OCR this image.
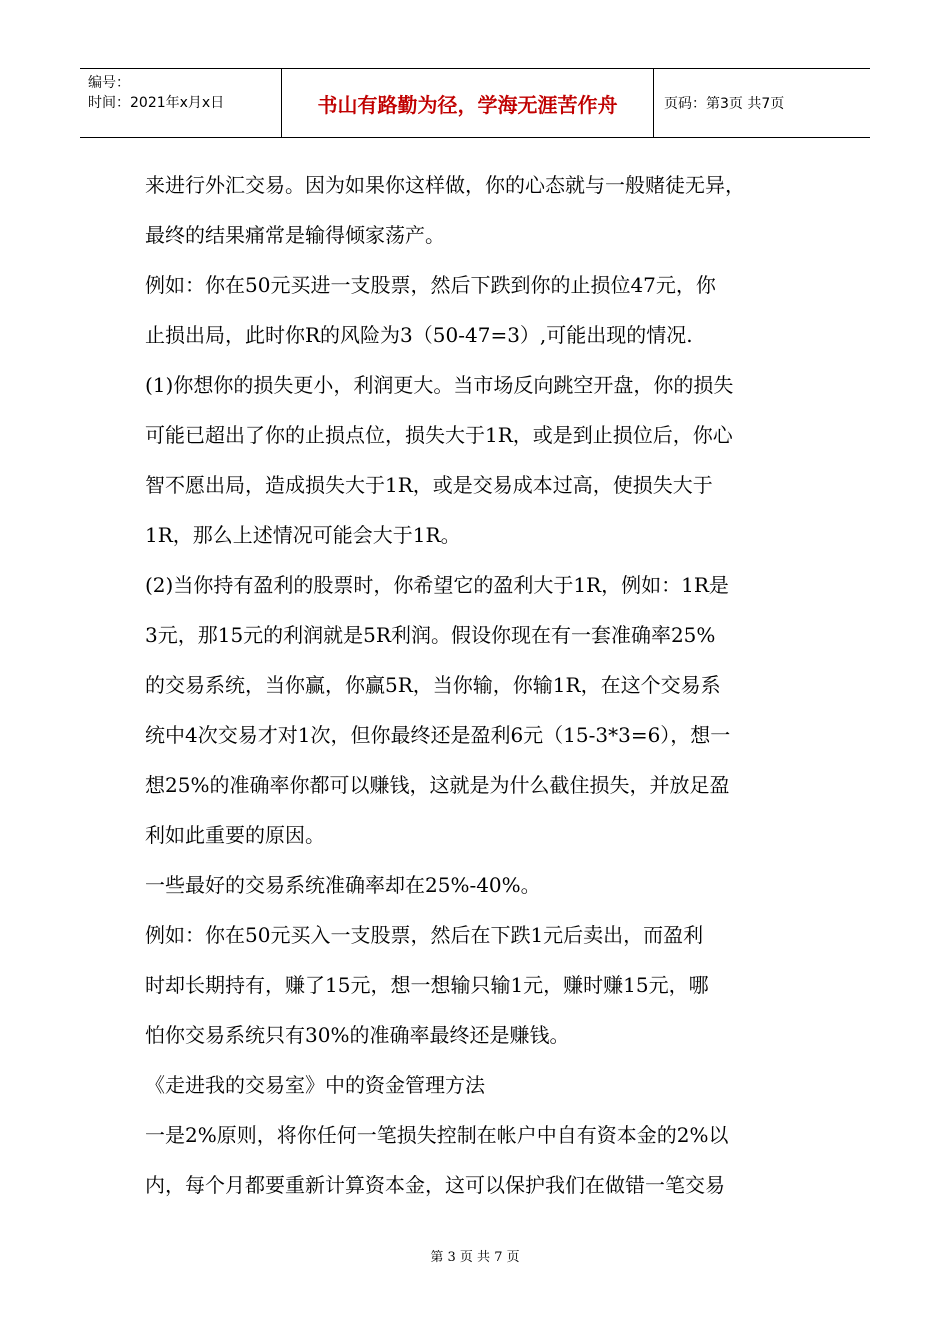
编号：
时间：2021年x月x日	书山有路勤为径，学海无涯苦作舟	页码：第3页 共7页

来进行外汇交易。因为如果你这样做，你的心态就与一般赌徒无异，

最终的结果痛常是输得倾家荡产。

例如：你在50元买进一支股票，然后下跌到你的止损位47元，你

止损出局，此时你R的风险为3（50-47=3）,可能出现的情况.

(1)你想你的损失更小，利润更大。当市场反向跳空开盘，你的损失

可能已超出了你的止损点位，损失大于1R，或是到止损位后，你心

智不愿出局，造成损失大于1R，或是交易成本过高，使损失大于

1R，那么上述情况可能会大于1R。

(2)当你持有盈利的股票时，你希望它的盈利大于1R，例如：1R是

3元，那15元的利润就是5R利润。假设你现在有一套准确率25%

的交易系统，当你赢，你赢5R，当你输，你输1R，在这个交易系

统中4次交易才对1次，但你最终还是盈利6元（15-3*3=6），想一

想25%的准确率你都可以赚钱，这就是为什么截住损失，并放足盈

利如此重要的原因。

一些最好的交易系统准确率却在25%-40%。

例如：你在50元买入一支股票，然后在下跌1元后卖出，而盈利

时却长期持有，赚了15元，想一想输只输1元，赚时赚15元，哪

怕你交易系统只有30%的准确率最终还是赚钱。

《走进我的交易室》中的资金管理方法

一是2%原则，将你任何一笔损失控制在帐户中自有资本金的2%以

内，每个月都要重新计算资本金，这可以保护我们在做错一笔交易

第 3 页 共 7 页
